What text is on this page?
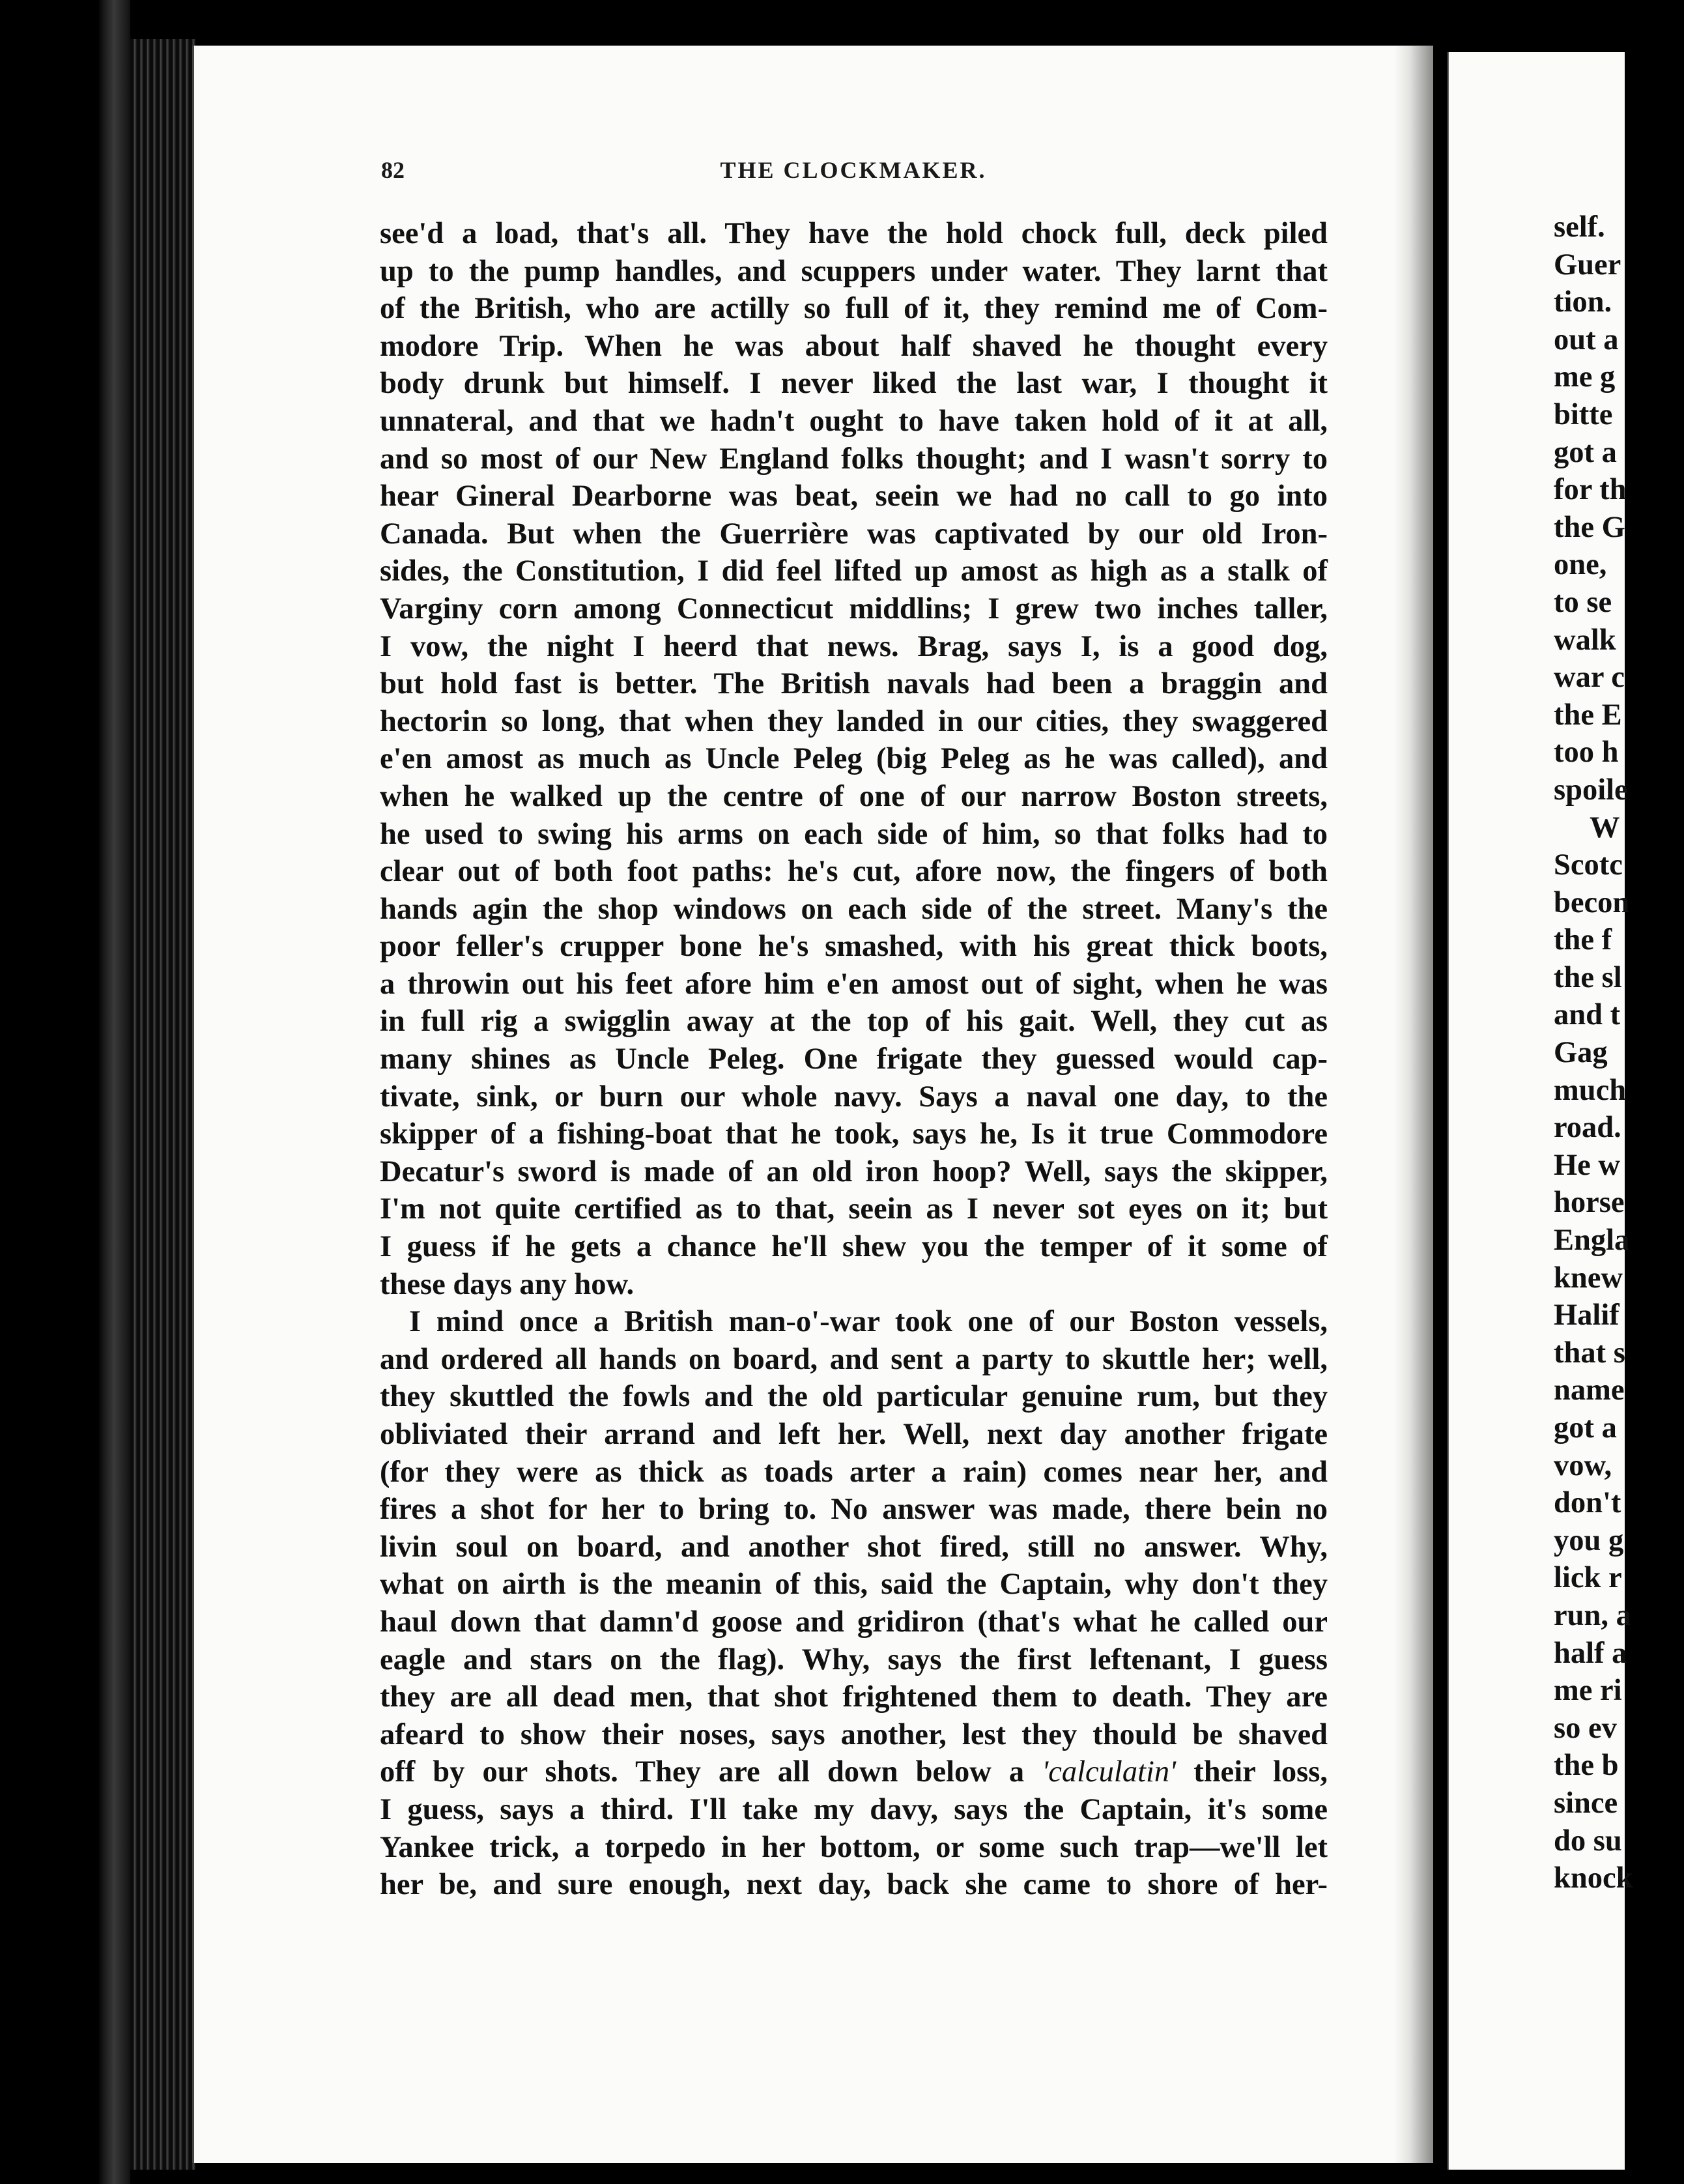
82	THE CLOCKMAKER.
see'd a load, that's all. They have the hold chock full, deck piled
up to the pump handles, and scuppers under water. They larnt that
of the British, who are actilly so full of it, they remind me of Com-
modore Trip. When he was about half shaved he thought every
body drunk but himself. I never liked the last war, I thought it
unnateral, and that we hadn't ought to have taken hold of it at all,
and so most of our New England folks thought; and I wasn't sorry to
hear Gineral Dearborne was beat, seein we had no call to go into
Canada. But when the Guerrière was captivated by our old Iron-
sides, the Constitution, I did feel lifted up amost as high as a stalk of
Varginy corn among Connecticut middlins; I grew two inches taller,
I vow, the night I heerd that news. Brag, says I, is a good dog,
but hold fast is better. The British navals had been a braggin and
hectorin so long, that when they landed in our cities, they swaggered
e'en amost as much as Uncle Peleg (big Peleg as he was called), and
when he walked up the centre of one of our narrow Boston streets,
he used to swing his arms on each side of him, so that folks had to
clear out of both foot paths: he's cut, afore now, the fingers of both
hands agin the shop windows on each side of the street. Many's the
poor feller's crupper bone he's smashed, with his great thick boots,
a throwin out his feet afore him e'en amost out of sight, when he was
in full rig a swigglin away at the top of his gait. Well, they cut as
many shines as Uncle Peleg. One frigate they guessed would cap-
tivate, sink, or burn our whole navy. Says a naval one day, to the
skipper of a fishing-boat that he took, says he, Is it true Commodore
Decatur's sword is made of an old iron hoop? Well, says the skipper,
I'm not quite certified as to that, seein as I never sot eyes on it; but
I guess if he gets a chance he'll shew you the temper of it some of
these days any how.
I mind once a British man-o'-war took one of our Boston vessels,
and ordered all hands on board, and sent a party to skuttle her; well,
they skuttled the fowls and the old particular genuine rum, but they
obliviated their arrand and left her. Well, next day another frigate
(for they were as thick as toads arter a rain) comes near her, and
fires a shot for her to bring to. No answer was made, there bein no
livin soul on board, and another shot fired, still no answer. Why,
what on airth is the meanin of this, said the Captain, why don't they
haul down that damn'd goose and gridiron (that's what he called our
eagle and stars on the flag). Why, says the first leftenant, I guess
they are all dead men, that shot frightened them to death. They are
afeard to show their noses, says another, lest they thould be shaved
off by our shots. They are all down below a 'calculatin' their loss,
I guess, says a third. I'll take my davy, says the Captain, it's some
Yankee trick, a torpedo in her bottom, or some such trap—we'll let
her be, and sure enough, next day, back she came to shore of her-
self.
Guer
tion.
out a
me g
bitte
got a
for th
the G
one,
to se
walk
war c
the E
too h
spoile
W
Scotc
becon
the f
the sl
and t
Gag
much
road.
He w
horse
Engla
knew
Halif
that s
name
got a
vow,
don't
you g
lick r
run, a
half a
me ri
so ev
the b
since
do su
knock
